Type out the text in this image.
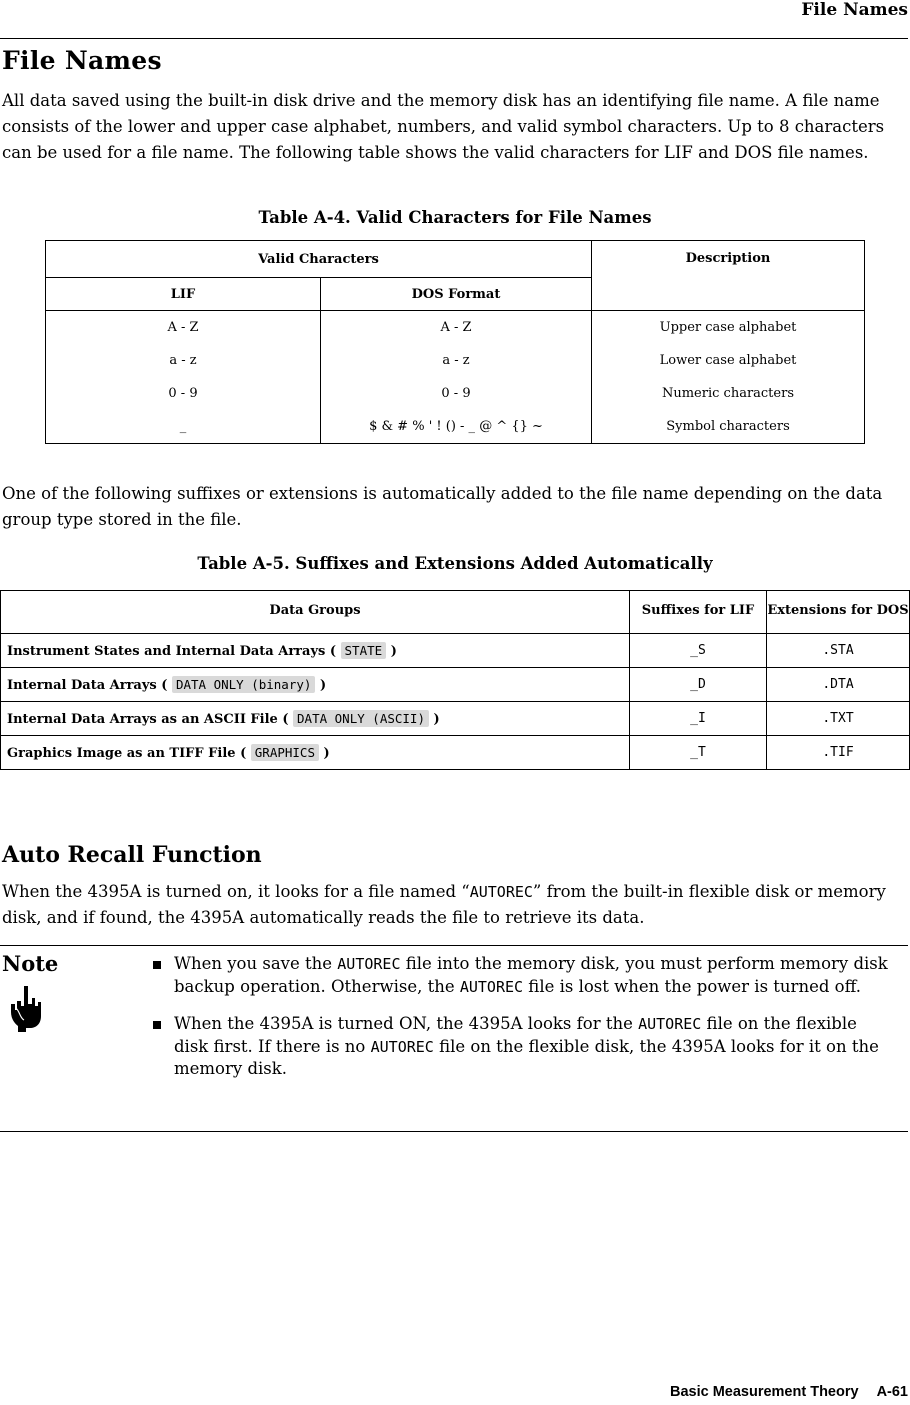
File Names
File Names

All data saved using the built-in disk drive and the memory disk has an identifying file name. A file name consists of the lower and upper case alphabet, numbers, and valid symbol characters. Up to 8 characters can be used for a file name. The following table shows the valid characters for LIF and DOS file names.

Table A-4. Valid Characters for File Names

Valid Characters		Description
LIF	DOS Format	
A - Z	A - Z	Upper case alphabet
a - z	a - z	Lower case alphabet
0 - 9	0 - 9	Numeric characters
_	$ & # % ' ! () - _ @ ^ {} ~	Symbol characters

One of the following suffixes or extensions is automatically added to the file name depending on the data group type stored in the file.

Table A-5. Suffixes and Extensions Added Automatically

Data Groups	Suffixes for LIF	Extensions for DOS
Instrument States and Internal Data Arrays ( STATE )	_S	.STA
Internal Data Arrays ( DATA ONLY (binary) )	_D	.DTA
Internal Data Arrays as an ASCII File ( DATA ONLY (ASCII) )	_I	.TXT
Graphics Image as an TIFF File ( GRAPHICS )	_T	.TIF
Auto Recall Function

When the 4395A is turned on, it looks for a file named “AUTOREC” from the built-in flexible disk or memory disk, and if found, the 4395A automatically reads the file to retrieve its data.

Note	When you save the AUTOREC file into the memory disk, you must perform memory disk backup operation. Otherwise, the AUTOREC file is lost when the power is turned off.
When the 4395A is turned ON, the 4395A looks for the AUTOREC file on the flexible disk first. If there is no AUTOREC file on the flexible disk, the 4395A looks for it on the memory disk.
Basic Measurement Theory A-61
